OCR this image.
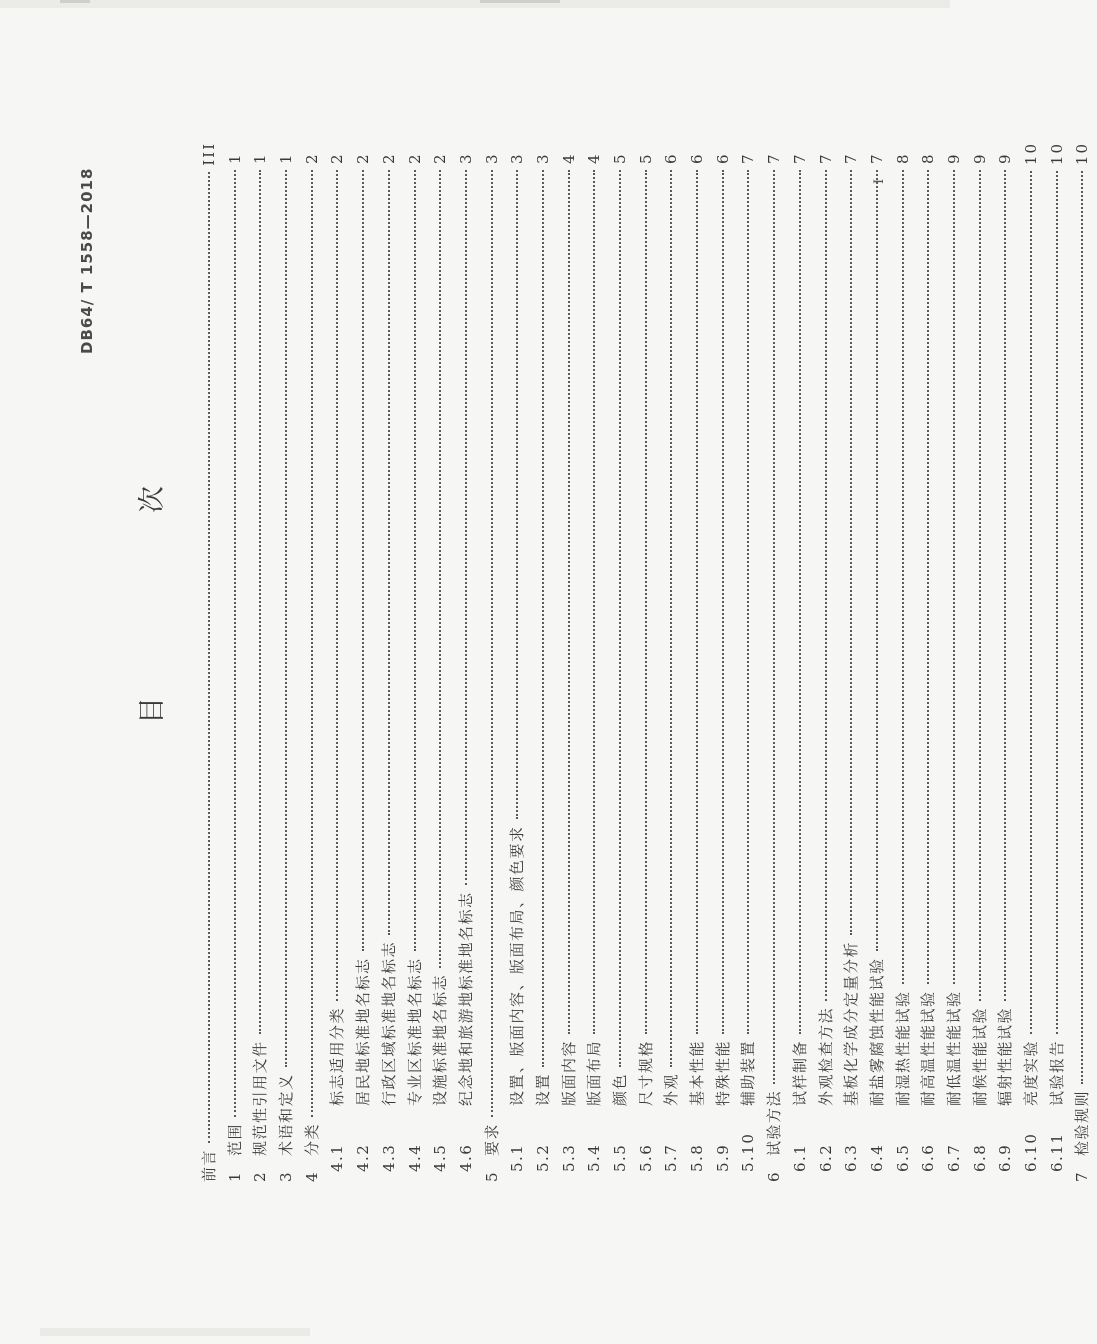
DB64/ T 1558—2018

目
次
前言
III
1
范围
1
2
规范性引用文件
1
3
术语和定义
1
4
分类
2
4.1
标志适用分类
2
4.2
居民地标准地名标志
2
4.3
行政区域标准地名标志
2
4.4
专业区标准地名标志
2
4.5
设施标准地名标志
2
4.6
纪念地和旅游地标准地名标志
3
5
要求
3
5.1
设置、版面内容、版面布局、颜色要求
3
5.2
设置
3
5.3
版面内容
4
5.4
版面布局
4
5.5
颜色
5
5.6
尺寸规格
5
5.7
外观
6
5.8
基本性能
6
5.9
特殊性能
6
5.10
辅助装置
7
6
试验方法
7
6.1
试样制备
7
6.2
外观检查方法
7
6.3
基板化学成分定量分析
7
6.4
耐盐雾腐蚀性能试验
7
6.5
耐湿热性能试验
8
6.6
耐高温性能试验
8
6.7
耐低温性能试验
9
6.8
耐候性能试验
9
6.9
辐射性能试验
9
6.10
亮度实验
10
6.11
试验报告
10
7
检验规则
10
I
